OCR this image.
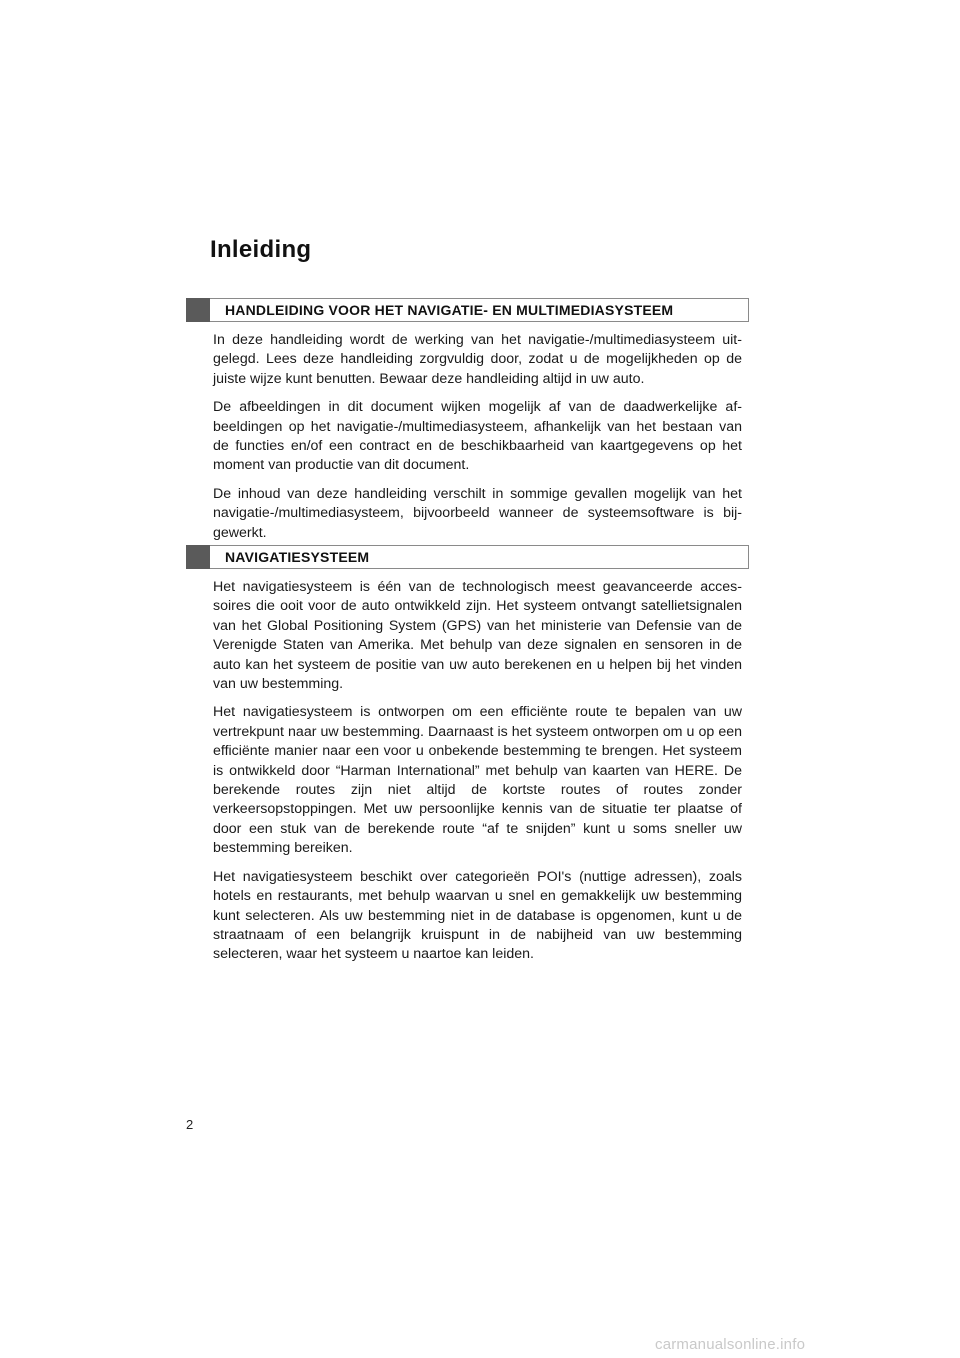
Inleiding
HANDLEIDING VOOR HET NAVIGATIE- EN MULTIMEDIASYSTEEM

In deze handleiding wordt de werking van het navigatie-/multimediasysteem uitgelegd. Lees deze handleiding zorgvuldig door, zodat u de mogelijkheden op de juiste wijze kunt benutten. Bewaar deze handleiding altijd in uw auto.

De afbeeldingen in dit document wijken mogelijk af van de daadwerkelijke afbeeldingen op het navigatie-/multimediasysteem, afhankelijk van het bestaan van de functies en/of een contract en de beschikbaarheid van kaartgegevens op het moment van productie van dit document.

De inhoud van deze handleiding verschilt in sommige gevallen mogelijk van het navigatie-/multimediasysteem, bijvoorbeeld wanneer de systeemsoftware is bijgewerkt.

NAVIGATIESYSTEEM

Het navigatiesysteem is één van de technologisch meest geavanceerde accessoires die ooit voor de auto ontwikkeld zijn. Het systeem ontvangt satellietsignalen van het Global Positioning System (GPS) van het ministerie van Defensie van de Verenigde Staten van Amerika. Met behulp van deze signalen en sensoren in de auto kan het systeem de positie van uw auto berekenen en u helpen bij het vinden van uw bestemming.

Het navigatiesysteem is ontworpen om een efficiënte route te bepalen van uw vertrekpunt naar uw bestemming. Daarnaast is het systeem ontworpen om u op een efficiënte manier naar een voor u onbekende bestemming te brengen. Het systeem is ontwikkeld door “Harman International” met behulp van kaarten van HERE. De berekende routes zijn niet altijd de kortste routes of routes zonder verkeersopstoppingen. Met uw persoonlijke kennis van de situatie ter plaatse of door een stuk van de berekende route “af te snijden” kunt u soms sneller uw bestemming bereiken.

Het navigatiesysteem beschikt over categorieën POI's (nuttige adressen), zoals hotels en restaurants, met behulp waarvan u snel en gemakkelijk uw bestemming kunt selecteren. Als uw bestemming niet in de database is opgenomen, kunt u de straatnaam of een belangrijk kruispunt in de nabijheid van uw bestemming selecteren, waar het systeem u naartoe kan leiden.

2
carmanualsonline.info
